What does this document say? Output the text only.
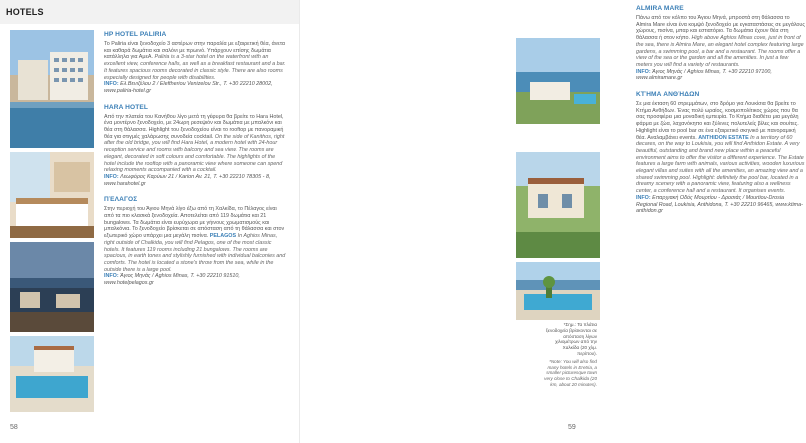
HOTELS
HP HOTEL PALIRIA

Το Paliria είναι ξενοδοχείο 3 αστέρων στην παραλία με εξαιρετική θέα, άνετα και καθαρά δωμάτια και σαλόνι με πρωινό. Υπάρχουν επίσης δωμάτια κατάλληλα για ΑμεΑ. Paliria is a 3-star hotel on the waterfront with an excellent view, conference halls, as well as a breakfast restaurant and a bar. It features spacious rooms decorated in classic style. There are also rooms especially designed for people with disabilities.

INFO: Ελ.Βενιζέλου 2 / Eleftheriou Venizelou Str., T. +30 22210 28002, www.paliria-hotel.gr

HARA HOTEL

Από την πλατεία του Κανήθου λίγο μετά τη γέφυρα θα βρείτε το Hara Hotel, ένα μοντέρνο ξενοδοχείο, με 24ωρη ρεσεψιόν και δωμάτια με μπαλκόνι και θέα στη θάλασσα. Highlight του ξενοδοχείου είναι το rooftop με πανοραμική θέα για στιγμές χαλάρωσης συνοδεία cocktail. On the side of Kanithos, right after the old bridge, you will find Hara Hotel, a modern hotel with 24-hour reception service and rooms with balcony and sea view. The rooms are elegant, decorated in soft colours and comfortable. The highlights of the hotel include the rooftop with a panoramic view where someone can spend relaxing moments accompanied with a cocktail.

INFO: Λεωφόρος Καρύων 21 / Karion Av. 21, T. +30 22210 78305 - 8, www.harahotel.gr

ΠΈΛΑΓΟΣ

Στην περιοχή του Άγιου Μηνά λίγο έξω από τη Χαλκίδα, το Πέλαγος είναι από τα πιο κλασικά ξενοδοχεία. Αποτελείται από 119 δωμάτια και 21 bungalows. Τα δωμάτια είναι ευρύχωρα με γήινους χρωματισμούς και μπαλκόνια. Το ξενοδοχείο βρίσκεται σε απόσταση από τη θάλασσα και στον εξωτερικό χώρο υπάρχει μια μεγάλη πισίνα. PELAGOS In Aghios Minas, right outside of Chalkida, you will find Pelagos, one of the most classic hotels. It features 119 rooms including 21 bungalows. The rooms are spacious, in earth tones and stylishly furnished with individual balconies and comforts. The hotel is located a stone's throw from the sea, while in the outside there is a large pool.

INFO: Άγιος Μηνάς / Aghios Minas, T. +30 22210 91510, www.hotelpelagos.gr

58
ALMIRA MARE

Πάνω από τον κόλπο του Άγιου Μηνά, μπροστά στη θάλασσα το Almira Mare είναι ένα κομψό ξενοδοχείο με εγκαταστάσεις σε μεγάλους χώρους, πισίνα, μπαρ και εστιατόριο. Τα δωμάτια έχουν θέα στη θάλασσα ή στον κήπο. High above Aghios Minas cove, just in front of the sea, there is Almira Mare, an elegant hotel complex featuring large gardens, a swimming pool, a bar and a restaurant. The rooms offer a view of the sea or the garden and all the amenities. In just a few meters you will find a variety of restaurants.

INFO: Άγιος Μηνάς / Aghios Minas, T. +30 22210 97100, www.almiramare.gr

ΚΤΉΜΑ ΑΝΘΉΔΩΝ

Σε μια έκταση 60 στρεμμάτων, στο δρόμο για Λουκίσια θα βρείτε το Κτήμα Ανθήδων. Ένας πολύ ωραίος, κοσμοπολίτικος χώρος που θα σας προσφέρει μια μοναδική εμπειρία. Το Κτήμα διαθέτει μια μεγάλη φάρμα με ζώα, λαχανόκηπο και ξύλινες πολυτελείς βίλες και σουίτες. Highlight είναι το pool bar σε ένα εξαιρετικό σκηνικό με πανοραμική θέα. Αναλαμβάνει events. ANTHIDON ESTATE In a territory of 60 decares, on the way to Loukisia, you will find Anthidon Estate. A very beautiful, outstanding and brand new place within a peaceful environment aims to offer the visitor a different experience. The Estate features a large farm with animals, various activities, wooden luxurious elegant villas and suites with all the amenities, an amazing view and a shared swimming pool. Highlight: definitely the pool bar, located in a dreamy scenery with a panoramic view, featuring also a wellness center, a conference hall and a restaurant. It organises events.

INFO: Επαρχιακή Οδός Μουρτίου - Δροσιάς / Mourtiou-Drosia Regional Road, Loukisia, Anthidona, T. +30 22210 96465, www.ktima-anthidon.gr

*Σημ.: Τα πλάτια ξενοδοχεία βρίσκονται σε απόσταση λίγων χιλιομέτρων από την Χαλκίδα (20 χλμ. περίπου).
*Note: You will also find many hotels in Eretria, a smaller picturesque town very close to Chalkida (20 km, about 20 minutes).
59
